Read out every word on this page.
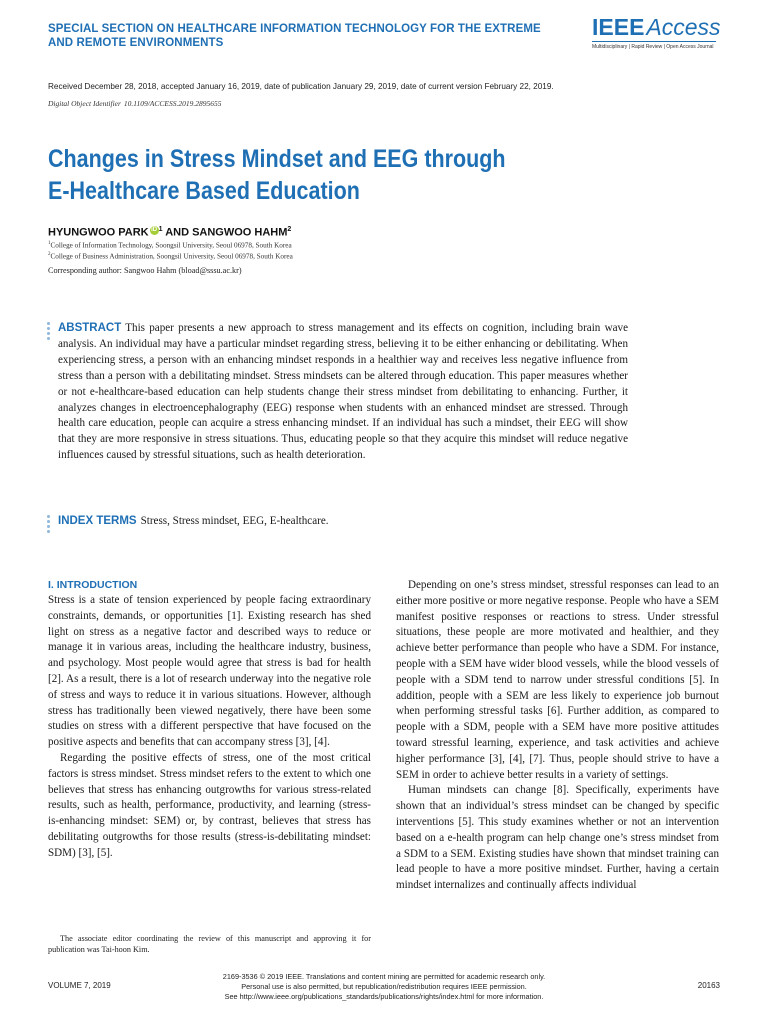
SPECIAL SECTION ON HEALTHCARE INFORMATION TECHNOLOGY FOR THE EXTREME
AND REMOTE ENVIRONMENTS
IEEEAccess
Multidisciplinary | Rapid Review | Open Access Journal
Received December 28, 2018, accepted January 16, 2019, date of publication January 29, 2019, date of current version February 22, 2019.
Digital Object Identifier 10.1109/ACCESS.2019.2895655
Changes in Stress Mindset and EEG through
E-Healthcare Based Education
HYUNGWOO PARK iD $^1$ AND SANGWOO HAHM$^2$
$^1$College of Information Technology, Soongsil University, Seoul 06978, South Korea
$^2$College of Business Administration, Soongsil University, Seoul 06978, South Korea
Corresponding author: Sangwoo Hahm (bload@sssu.ac.kr)
ABSTRACT This paper presents a new approach to stress management and its effects on cognition, including brain wave analysis. An individual may have a particular mindset regarding stress, believing it to be either enhancing or debilitating. When experiencing stress, a person with an enhancing mindset responds in a healthier way and receives less negative influence from stress than a person with a debilitating mindset. Stress mindsets can be altered through education. This paper measures whether or not e-healthcare-based education can help students change their stress mindset from debilitating to enhancing. Further, it analyzes changes in electroencephalography (EEG) response when students with an enhanced mindset are stressed. Through health care education, people can acquire a stress enhancing mindset. If an individual has such a mindset, their EEG will show that they are more responsive in stress situations. Thus, educating people so that they acquire this mindset will reduce negative influences caused by stressful situations, such as health deterioration.
INDEX TERMS Stress, Stress mindset, EEG, E-healthcare.
I. INTRODUCTION

Stress is a state of tension experienced by people facing extraordinary constraints, demands, or opportunities [1]. Existing research has shed light on stress as a negative factor and described ways to reduce or manage it in various areas, including the healthcare industry, business, and psychology. Most people would agree that stress is bad for health [2]. As a result, there is a lot of research underway into the negative role of stress and ways to reduce it in various situations. However, although stress has traditionally been viewed negatively, there have been some studies on stress with a different perspective that have focused on the positive aspects and benefits that can accompany stress [3], [4].

Regarding the positive effects of stress, one of the most critical factors is stress mindset. Stress mindset refers to the extent to which one believes that stress has enhancing outgrowths for various stress-related results, such as health, performance, productivity, and learning (stress-is-enhancing mindset: SEM) or, by contrast, believes that stress has debilitating outgrowths for those results (stress-is-debilitating mindset: SDM) [3], [5].

Depending on one’s stress mindset, stressful responses can lead to an either more positive or more negative response. People who have a SEM manifest positive responses or reactions to stress. Under stressful situations, these people are more motivated and healthier, and they achieve better performance than people who have a SDM. For instance, people with a SEM have wider blood vessels, while the blood vessels of people with a SDM tend to narrow under stressful conditions [5]. In addition, people with a SEM are less likely to experience job burnout when performing stressful tasks [6]. Further addition, as compared to people with a SDM, people with a SEM have more positive attitudes toward stressful learning, experience, and task activities and achieve higher performance [3], [4], [7]. Thus, people should strive to have a SEM in order to achieve better results in a variety of settings.

Human mindsets can change [8]. Specifically, experiments have shown that an individual’s stress mindset can be changed by specific interventions [5]. This study examines whether or not an intervention based on a e-health program can help change one’s stress mindset from a SDM to a SEM. Existing studies have shown that mindset training can lead people to have a more positive mindset. Further, having a certain mindset internalizes and continually affects individual

The associate editor coordinating the review of this manuscript and approving it for publication was Tai-hoon Kim.

VOLUME 7, 2019
2169-3536 © 2019 IEEE. Translations and content mining are permitted for academic research only.
Personal use is also permitted, but republication/redistribution requires IEEE permission.
See http://www.ieee.org/publications_standards/publications/rights/index.html for more information.
20163
